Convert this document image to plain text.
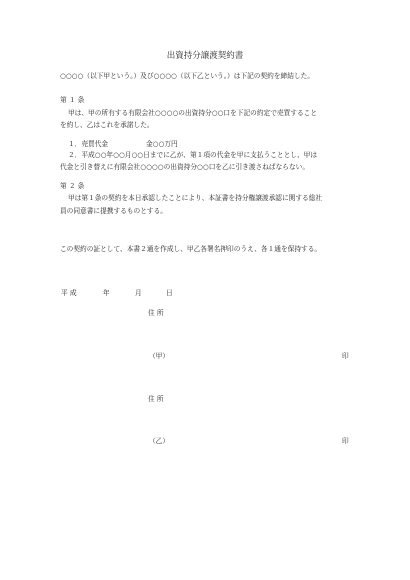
出資持分譲渡契約書
○○○○（以下甲という。）及び○○○○（以下乙という。）は下記の契約を締結した。
第 １ 条
甲は、甲の所有する有限会社○○○○の出資持分○○口を下記の約定で売買すること
を約し、乙はこれを承諾した。
１．売買代金	金○○万円
２．平成○○年○○月○○日までに乙が、第１項の代金を甲に支払うこととし、甲は
代金と引き替えに有限会社○○○○の出資持分○○口を乙に引き渡さねばならない。
第 ２ 条
甲は第１条の契約を本日承認したことにより、本証書を持分権譲渡承認に関する総社
員の同意書に提携するものとする。
この契約の証として、本書２通を作成し、甲乙各署名押印のうえ、各１通を保持する。
平 成	年	月	日
住 所
（甲）	印
住 所
（乙）	印
